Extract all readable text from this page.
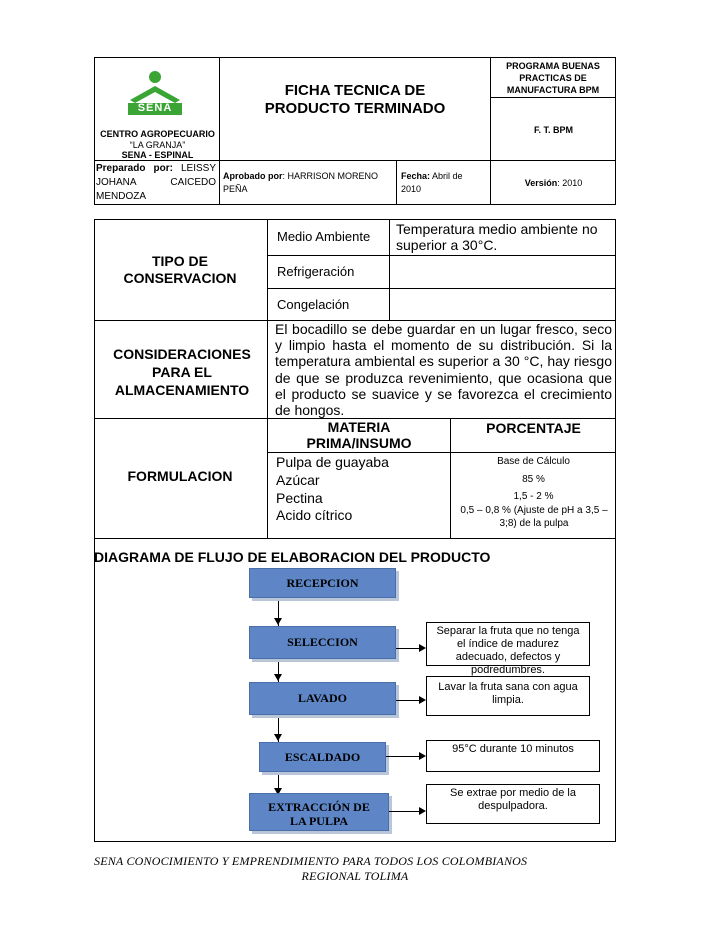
SENA
CENTRO AGROPECUARIO
“LA GRANJA”
SENA - ESPINAL
FICHA TECNICA DE
PRODUCTO TERMINADO
PROGRAMA BUENAS PRACTICAS DE MANUFACTURA BPM
F. T. BPM
Preparado por: LEISSY JOHANA CAICEDO MENDOZA
Aprobado por: HARRISON MORENO PEÑA
Fecha: Abril de 2010
Versión: 2010
TIPO DE CONSERVACION
Medio Ambiente Temperatura medio ambiente no superior a 30°C.
Refrigeración
Congelación
CONSIDERACIONES PARA EL ALMACENAMIENTO
El bocadillo se debe guardar en un lugar fresco, seco y limpio hasta el momento de su distribución. Si la temperatura ambiental es superior a 30 °C, hay riesgo de que se produzca revenimiento, que ocasiona que el producto se suavice y se favorezca el crecimiento de hongos.
FORMULACION
MATERIA PRIMA/INSUMO
PORCENTAJE
Pulpa de guayaba	Base de Cálculo
Azúcar	85 %
Pectina	1,5 - 2 %
Acido cítrico	0,5 – 0,8 % (Ajuste de pH a 3,5 – 3;8) de la pulpa
DIAGRAMA DE FLUJO DE ELABORACION DEL PRODUCTO
RECEPCION
SELECCION
Separar la fruta que no tenga el índice de madurez adecuado, defectos y podredumbres.
LAVADO
Lavar la fruta sana con agua limpia.
ESCALDADO
95°C durante 10 minutos
EXTRACCIÓN DE LA PULPA
Se extrae por medio de la despulpadora.
SENA CONOCIMIENTO Y EMPRENDIMIENTO PARA TODOS LOS COLOMBIANOS
REGIONAL TOLIMA
